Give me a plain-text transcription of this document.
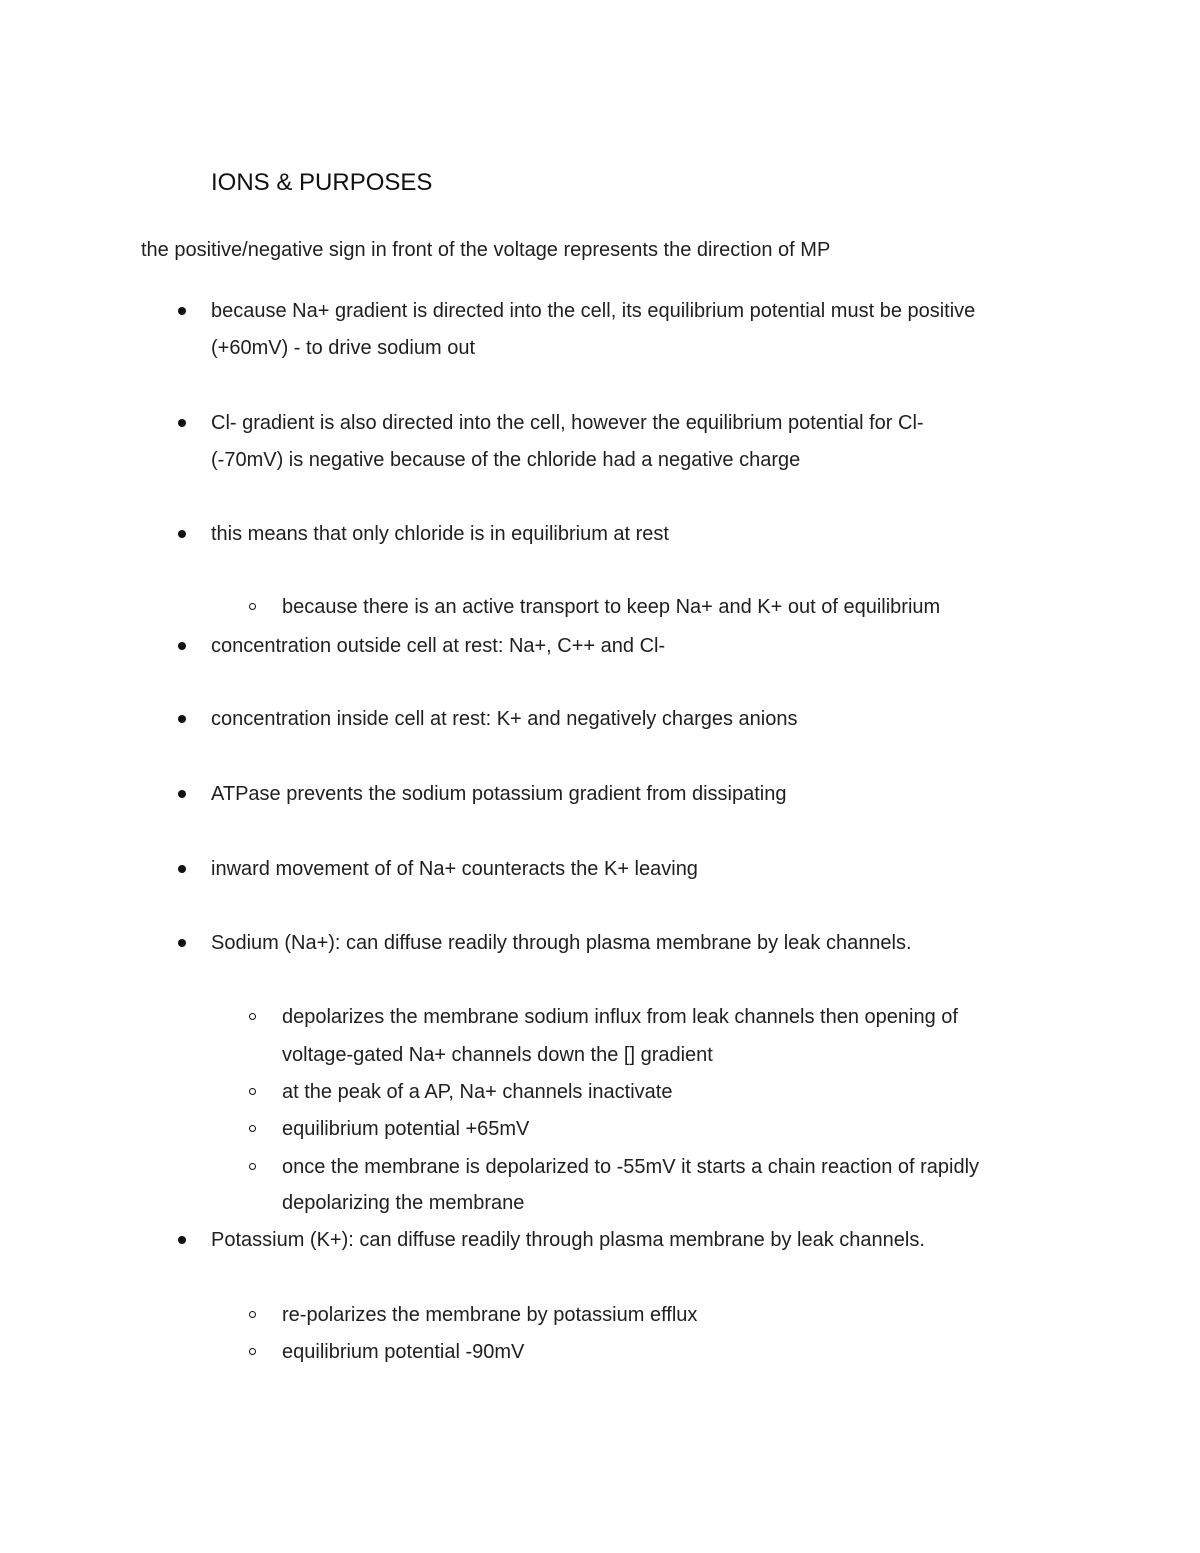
IONS & PURPOSES
the positive/negative sign in front of the voltage represents the direction of MP
because Na+ gradient is directed into the cell, its equilibrium potential must be positive
(+60mV) - to drive sodium out
Cl- gradient is also directed into the cell, however the equilibrium potential for Cl-
(-70mV) is negative because of the chloride had a negative charge
this means that only chloride is in equilibrium at rest
because there is an active transport to keep Na+ and K+ out of equilibrium
concentration outside cell at rest: Na+, C++ and Cl-
concentration inside cell at rest: K+ and negatively charges anions
ATPase prevents the sodium potassium gradient from dissipating
inward movement of of Na+ counteracts the K+ leaving
Sodium (Na+): can diffuse readily through plasma membrane by leak channels.
depolarizes the membrane sodium influx from leak channels then opening of
voltage-gated Na+ channels down the [] gradient
at the peak of a AP, Na+ channels inactivate
equilibrium potential +65mV
once the membrane is depolarized to -55mV it starts a chain reaction of rapidly
depolarizing the membrane
Potassium (K+): can diffuse readily through plasma membrane by leak channels.
re-polarizes the membrane by potassium efflux
equilibrium potential -90mV
